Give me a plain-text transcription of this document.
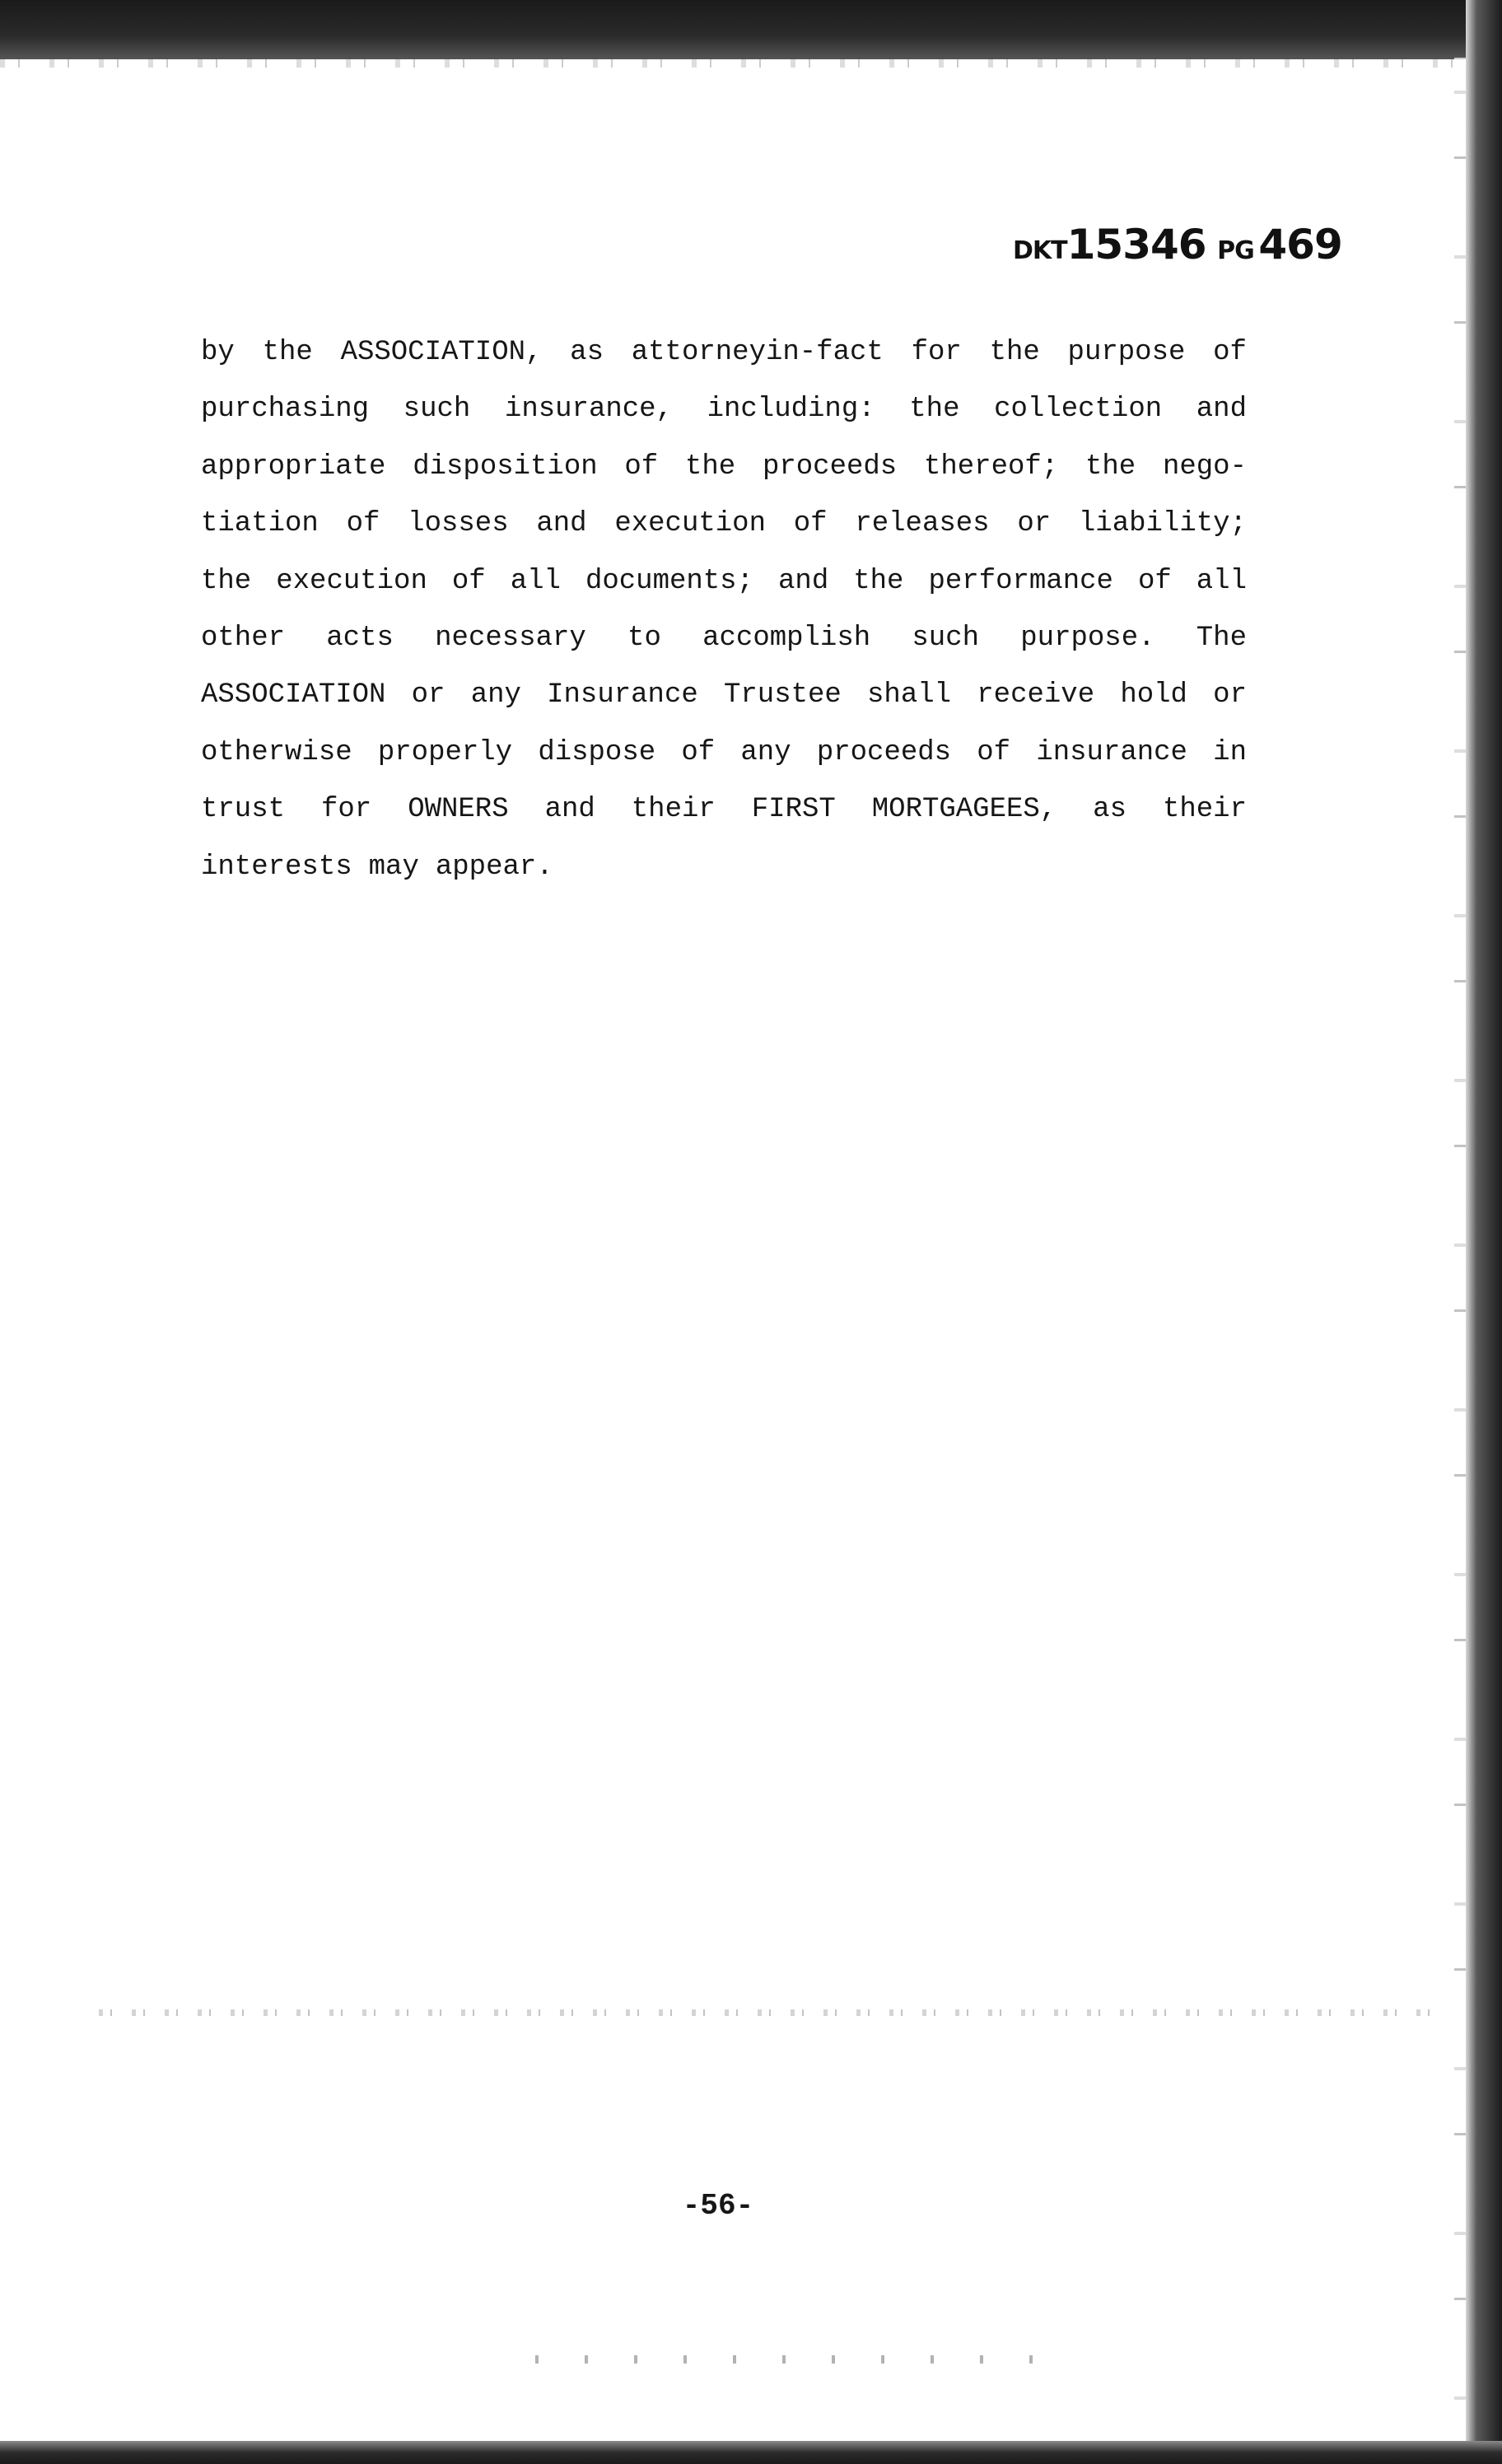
DKT15346 PG 469
by the ASSOCIATION, as attorneyin-fact for the purpose of
purchasing such insurance, including: the collection and
appropriate disposition of the proceeds thereof; the nego-
tiation of losses and execution of releases or liability;
the execution of all documents; and the performance of all
other acts necessary to accomplish such purpose. The
ASSOCIATION or any Insurance Trustee shall receive hold or
otherwise properly dispose of any proceeds of insurance in
trust for OWNERS and their FIRST MORTGAGEES, as their
interests may appear.
-56-
